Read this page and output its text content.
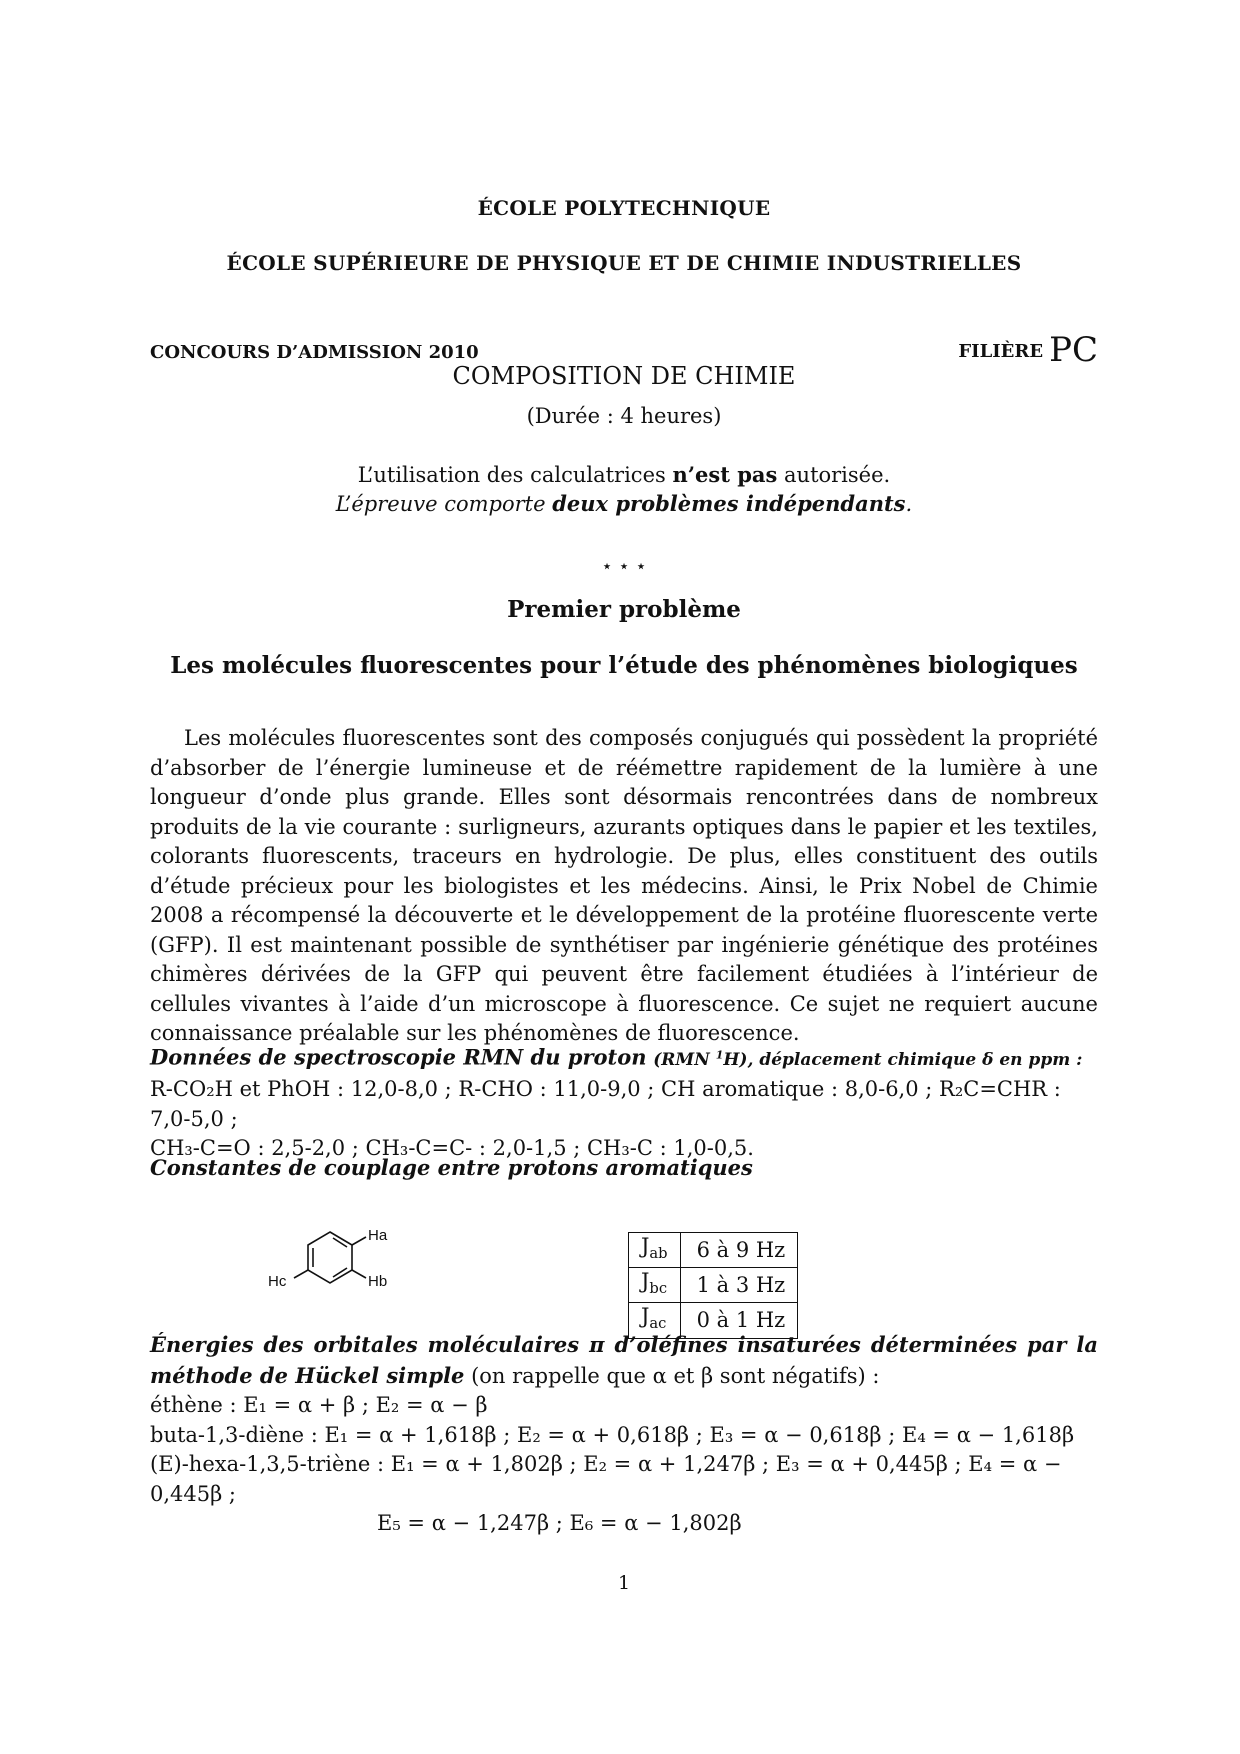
ÉCOLE POLYTECHNIQUE
ÉCOLE SUPÉRIEURE DE PHYSIQUE ET DE CHIMIE INDUSTRIELLES
CONCOURS D’ADMISSION 2010	FILIÈRE PC
COMPOSITION DE CHIMIE
(Durée : 4 heures)
L’utilisation des calculatrices n’est pas autorisée.
L’épreuve comporte deux problèmes indépendants.
⋆ ⋆ ⋆
Premier problème
Les molécules fluorescentes pour l’étude des phénomènes biologiques

Les molécules fluorescentes sont des composés conjugués qui possèdent la propriété d’absorber de l’énergie lumineuse et de réémettre rapidement de la lumière à une longueur d’onde plus grande. Elles sont désormais rencontrées dans de nombreux produits de la vie courante : surligneurs, azurants optiques dans le papier et les textiles, colorants fluorescents, traceurs en hydrologie. De plus, elles constituent des outils d’étude précieux pour les biologistes et les médecins. Ainsi, le Prix Nobel de Chimie 2008 a récompensé la découverte et le développement de la protéine fluorescente verte (GFP). Il est maintenant possible de synthétiser par ingénierie génétique des protéines chimères dérivées de la GFP qui peuvent être facilement étudiées à l’intérieur de cellules vivantes à l’aide d’un microscope à fluorescence. Ce sujet ne requiert aucune connaissance préalable sur les phénomènes de fluorescence.

Données de spectroscopie RMN du proton (RMN $^1$H), déplacement chimique δ en ppm :
R-CO₂H et PhOH : 12,0-8,0 ; R-CHO : 11,0-9,0 ; CH aromatique : 8,0-6,0 ; R₂C=CHR : 7,0-5,0 ;
CH₃-C=O : 2,5-2,0 ; CH₃-C=C- : 2,0-1,5 ; CH₃-C : 1,0-0,5.
Constantes de couplage entre protons aromatiques
Ha
Hb
Hc
$J_{ab}$	6 à 9 Hz
$J_{bc}$	1 à 3 Hz
$J_{ac}$	0 à 1 Hz

Énergies des orbitales moléculaires π d’oléfines insaturées déterminées par la méthode de Hückel simple (on rappelle que α et β sont négatifs) :

éthène : E₁ = α + β ; E₂ = α − β

buta-1,3-diène : E₁ = α + 1,618β ; E₂ = α + 0,618β ; E₃ = α − 0,618β ; E₄ = α − 1,618β

(E)-hexa-1,3,5-triène : E₁ = α + 1,802β ; E₂ = α + 1,247β ; E₃ = α + 0,445β ; E₄ = α − 0,445β ;

E₅ = α − 1,247β ; E₆ = α − 1,802β

1
